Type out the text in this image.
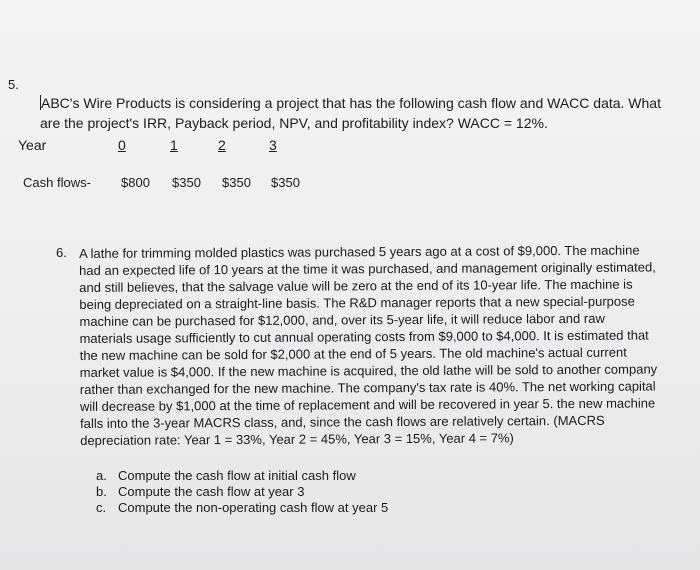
5.
ABC's Wire Products is considering a project that has the following cash flow and WACC data. What are the project's IRR, Payback period, NPV, and profitability index? WACC = 12%.
Year	0	1	2	3
Cash flows- $800 $350 $350 $350
6. A lathe for trimming molded plastics was purchased 5 years ago at a cost of $9,000. The machine had an expected life of 10 years at the time it was purchased, and management originally estimated, and still believes, that the salvage value will be zero at the end of its 10-year life. The machine is being depreciated on a straight-line basis. The R&D manager reports that a new special-purpose machine can be purchased for $12,000, and, over its 5-year life, it will reduce labor and raw materials usage sufficiently to cut annual operating costs from $9,000 to $4,000. It is estimated that the new machine can be sold for $2,000 at the end of 5 years. The old machine's actual current market value is $4,000. If the new machine is acquired, the old lathe will be sold to another company rather than exchanged for the new machine. The company's tax rate is 40%. The net working capital will decrease by $1,000 at the time of replacement and will be recovered in year 5. the new machine falls into the 3-year MACRS class, and, since the cash flows are relatively certain. (MACRS depreciation rate: Year 1 = 33%, Year 2 = 45%, Year 3 = 15%, Year 4 = 7%)
a. Compute the cash flow at initial cash flow
b. Compute the cash flow at year 3
c. Compute the non-operating cash flow at year 5
